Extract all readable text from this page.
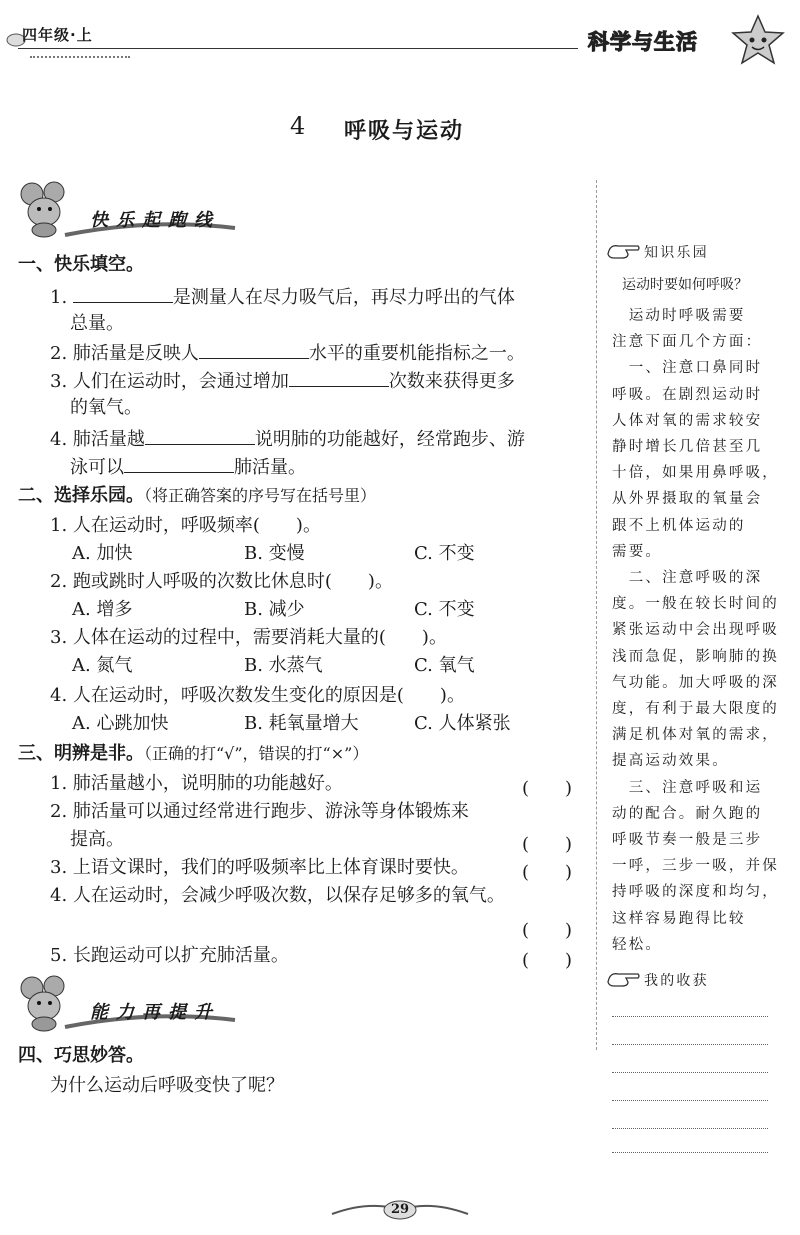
四年级·上	科学与生活
4 呼吸与运动
快乐起跑线
一、快乐填空。
1.	是测量人在尽力吸气后，再尽力呼出的气体
总量。
2. 肺活量是反映人	水平的重要机能指标之一。
3. 人们在运动时，会通过增加	次数来获得更多
的氧气。
4. 肺活量越	说明肺的功能越好，经常跑步、游
泳可以	肺活量。
二、选择乐园。（将正确答案的序号写在括号里）
1. 人在运动时，呼吸频率(　　)。
A. 加快	B. 变慢	C. 不变
2. 跑或跳时人呼吸的次数比休息时(　　)。
A. 增多	B. 减少	C. 不变
3. 人体在运动的过程中，需要消耗大量的(　　)。
A. 氮气	B. 水蒸气	C. 氧气
4. 人在运动时，呼吸次数发生变化的原因是(　　)。
A. 心跳加快	B. 耗氧量增大	C. 人体紧张
三、明辨是非。（正确的打“√”，错误的打“×”）
1. 肺活量越小，说明肺的功能越好。	(　　)
2. 肺活量可以通过经常进行跑步、游泳等身体锻炼来
提高。	(　　)
3. 上语文课时，我们的呼吸频率比上体育课时要快。	(　　)
4. 人在运动时，会减少呼吸次数，以保存足够多的氧气。
(　　)
5. 长跑运动可以扩充肺活量。	(　　)
能力再提升
四、巧思妙答。
为什么运动后呼吸变快了呢？
知识乐园
运动时要如何呼吸？
　运动时呼吸需要
注意下面几个方面：
　一、注意口鼻同时
呼吸。在剧烈运动时
人体对氧的需求较安
静时增长几倍甚至几
十倍，如果用鼻呼吸，
从外界摄取的氧量会
跟不上机体运动的
需要。
　二、注意呼吸的深
度。一般在较长时间的
紧张运动中会出现呼吸
浅而急促，影响肺的换
气功能。加大呼吸的深
度，有利于最大限度的
满足机体对氧的需求，
提高运动效果。
　三、注意呼吸和运
动的配合。耐久跑的
呼吸节奏一般是三步
一呼，三步一吸，并保
持呼吸的深度和均匀，
这样容易跑得比较
轻松。
我的收获
29
